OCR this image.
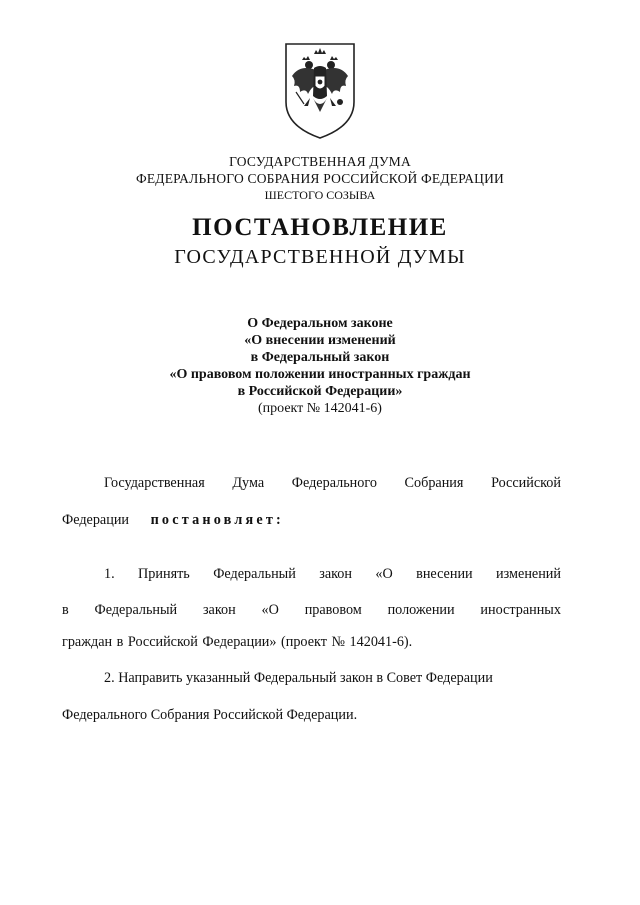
ГОСУДАРСТВЕННАЯ ДУМА
ФЕДЕРАЛЬНОГО СОБРАНИЯ РОССИЙСКОЙ ФЕДЕРАЦИИ
ШЕСТОГО СОЗЫВА
ПОСТАНОВЛЕНИЕ
ГОСУДАРСТВЕННОЙ ДУМЫ
О Федеральном законе
«О внесении изменений
в Федеральный закон
«О правовом положении иностранных граждан
в Российской Федерации»
(проект № 142041-6)
Государственная Дума Федерального Собрания Российской
Федерации постановляет:
1. Принять Федеральный закон «О внесении изменений
в Федеральный закон «О правовом положении иностранных
граждан в Российской Федерации» (проект № 142041-6).
2. Направить указанный Федеральный закон в Совет Федерации
Федерального Собрания Российской Федерации.
